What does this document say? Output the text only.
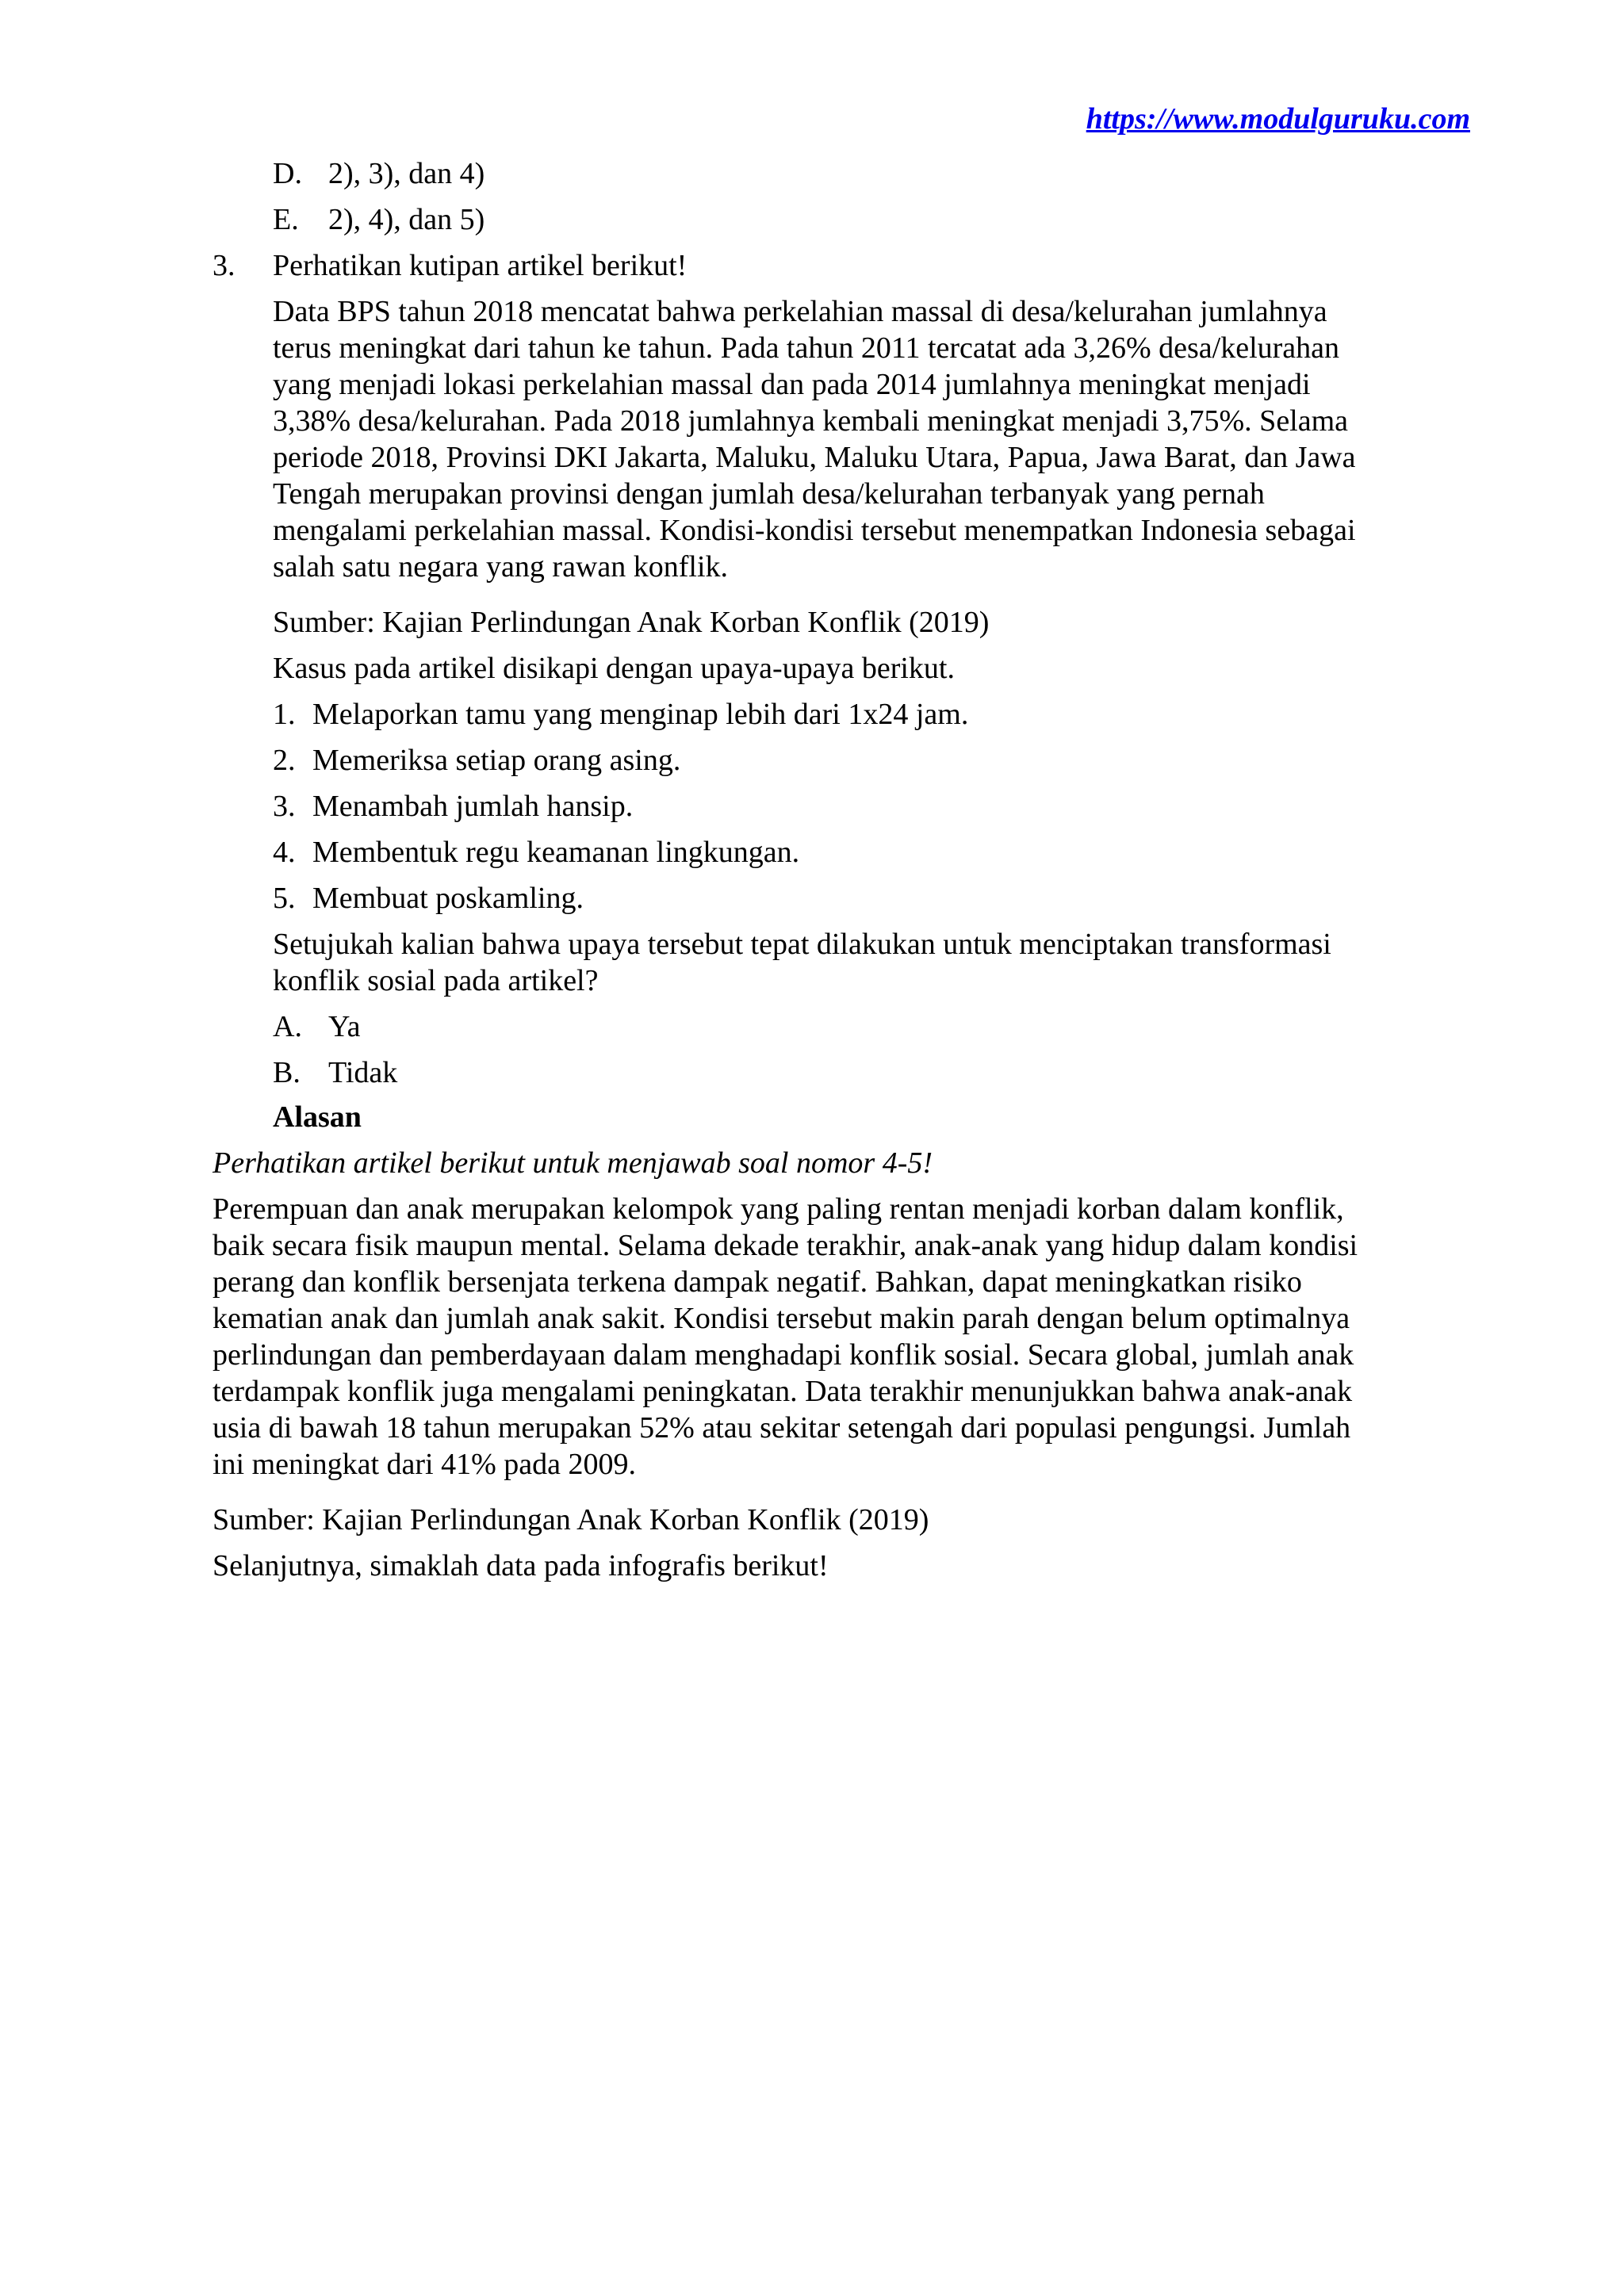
https://www.modulguruku.com
D. 2), 3), dan 4)
E. 2), 4), dan 5)
3. Perhatikan kutipan artikel berikut!

Data BPS tahun 2018 mencatat bahwa perkelahian massal di desa/kelurahan jumlahnya

terus meningkat dari tahun ke tahun. Pada tahun 2011 tercatat ada 3,26% desa/kelurahan

yang menjadi lokasi perkelahian massal dan pada 2014 jumlahnya meningkat menjadi

3,38% desa/kelurahan. Pada 2018 jumlahnya kembali meningkat menjadi 3,75%. Selama

periode 2018, Provinsi DKI Jakarta, Maluku, Maluku Utara, Papua, Jawa Barat, dan Jawa

Tengah merupakan provinsi dengan jumlah desa/kelurahan terbanyak yang pernah

mengalami perkelahian massal. Kondisi-kondisi tersebut menempatkan Indonesia sebagai

salah satu negara yang rawan konflik.

Sumber: Kajian Perlindungan Anak Korban Konflik (2019)
Kasus pada artikel disikapi dengan upaya-upaya berikut.
1. Melaporkan tamu yang menginap lebih dari 1x24 jam.
2. Memeriksa setiap orang asing.
3. Menambah jumlah hansip.
4. Membentuk regu keamanan lingkungan.
5. Membuat poskamling.

Setujukah kalian bahwa upaya tersebut tepat dilakukan untuk menciptakan transformasi

konflik sosial pada artikel?

A. Ya
B. Tidak
Alasan
Perhatikan artikel berikut untuk menjawab soal nomor 4-5!

Perempuan dan anak merupakan kelompok yang paling rentan menjadi korban dalam konflik,

baik secara fisik maupun mental. Selama dekade terakhir, anak-anak yang hidup dalam kondisi

perang dan konflik bersenjata terkena dampak negatif. Bahkan, dapat meningkatkan risiko

kematian anak dan jumlah anak sakit. Kondisi tersebut makin parah dengan belum optimalnya

perlindungan dan pemberdayaan dalam menghadapi konflik sosial. Secara global, jumlah anak

terdampak konflik juga mengalami peningkatan. Data terakhir menunjukkan bahwa anak-anak

usia di bawah 18 tahun merupakan 52% atau sekitar setengah dari populasi pengungsi. Jumlah

ini meningkat dari 41% pada 2009.

Sumber: Kajian Perlindungan Anak Korban Konflik (2019)
Selanjutnya, simaklah data pada infografis berikut!
